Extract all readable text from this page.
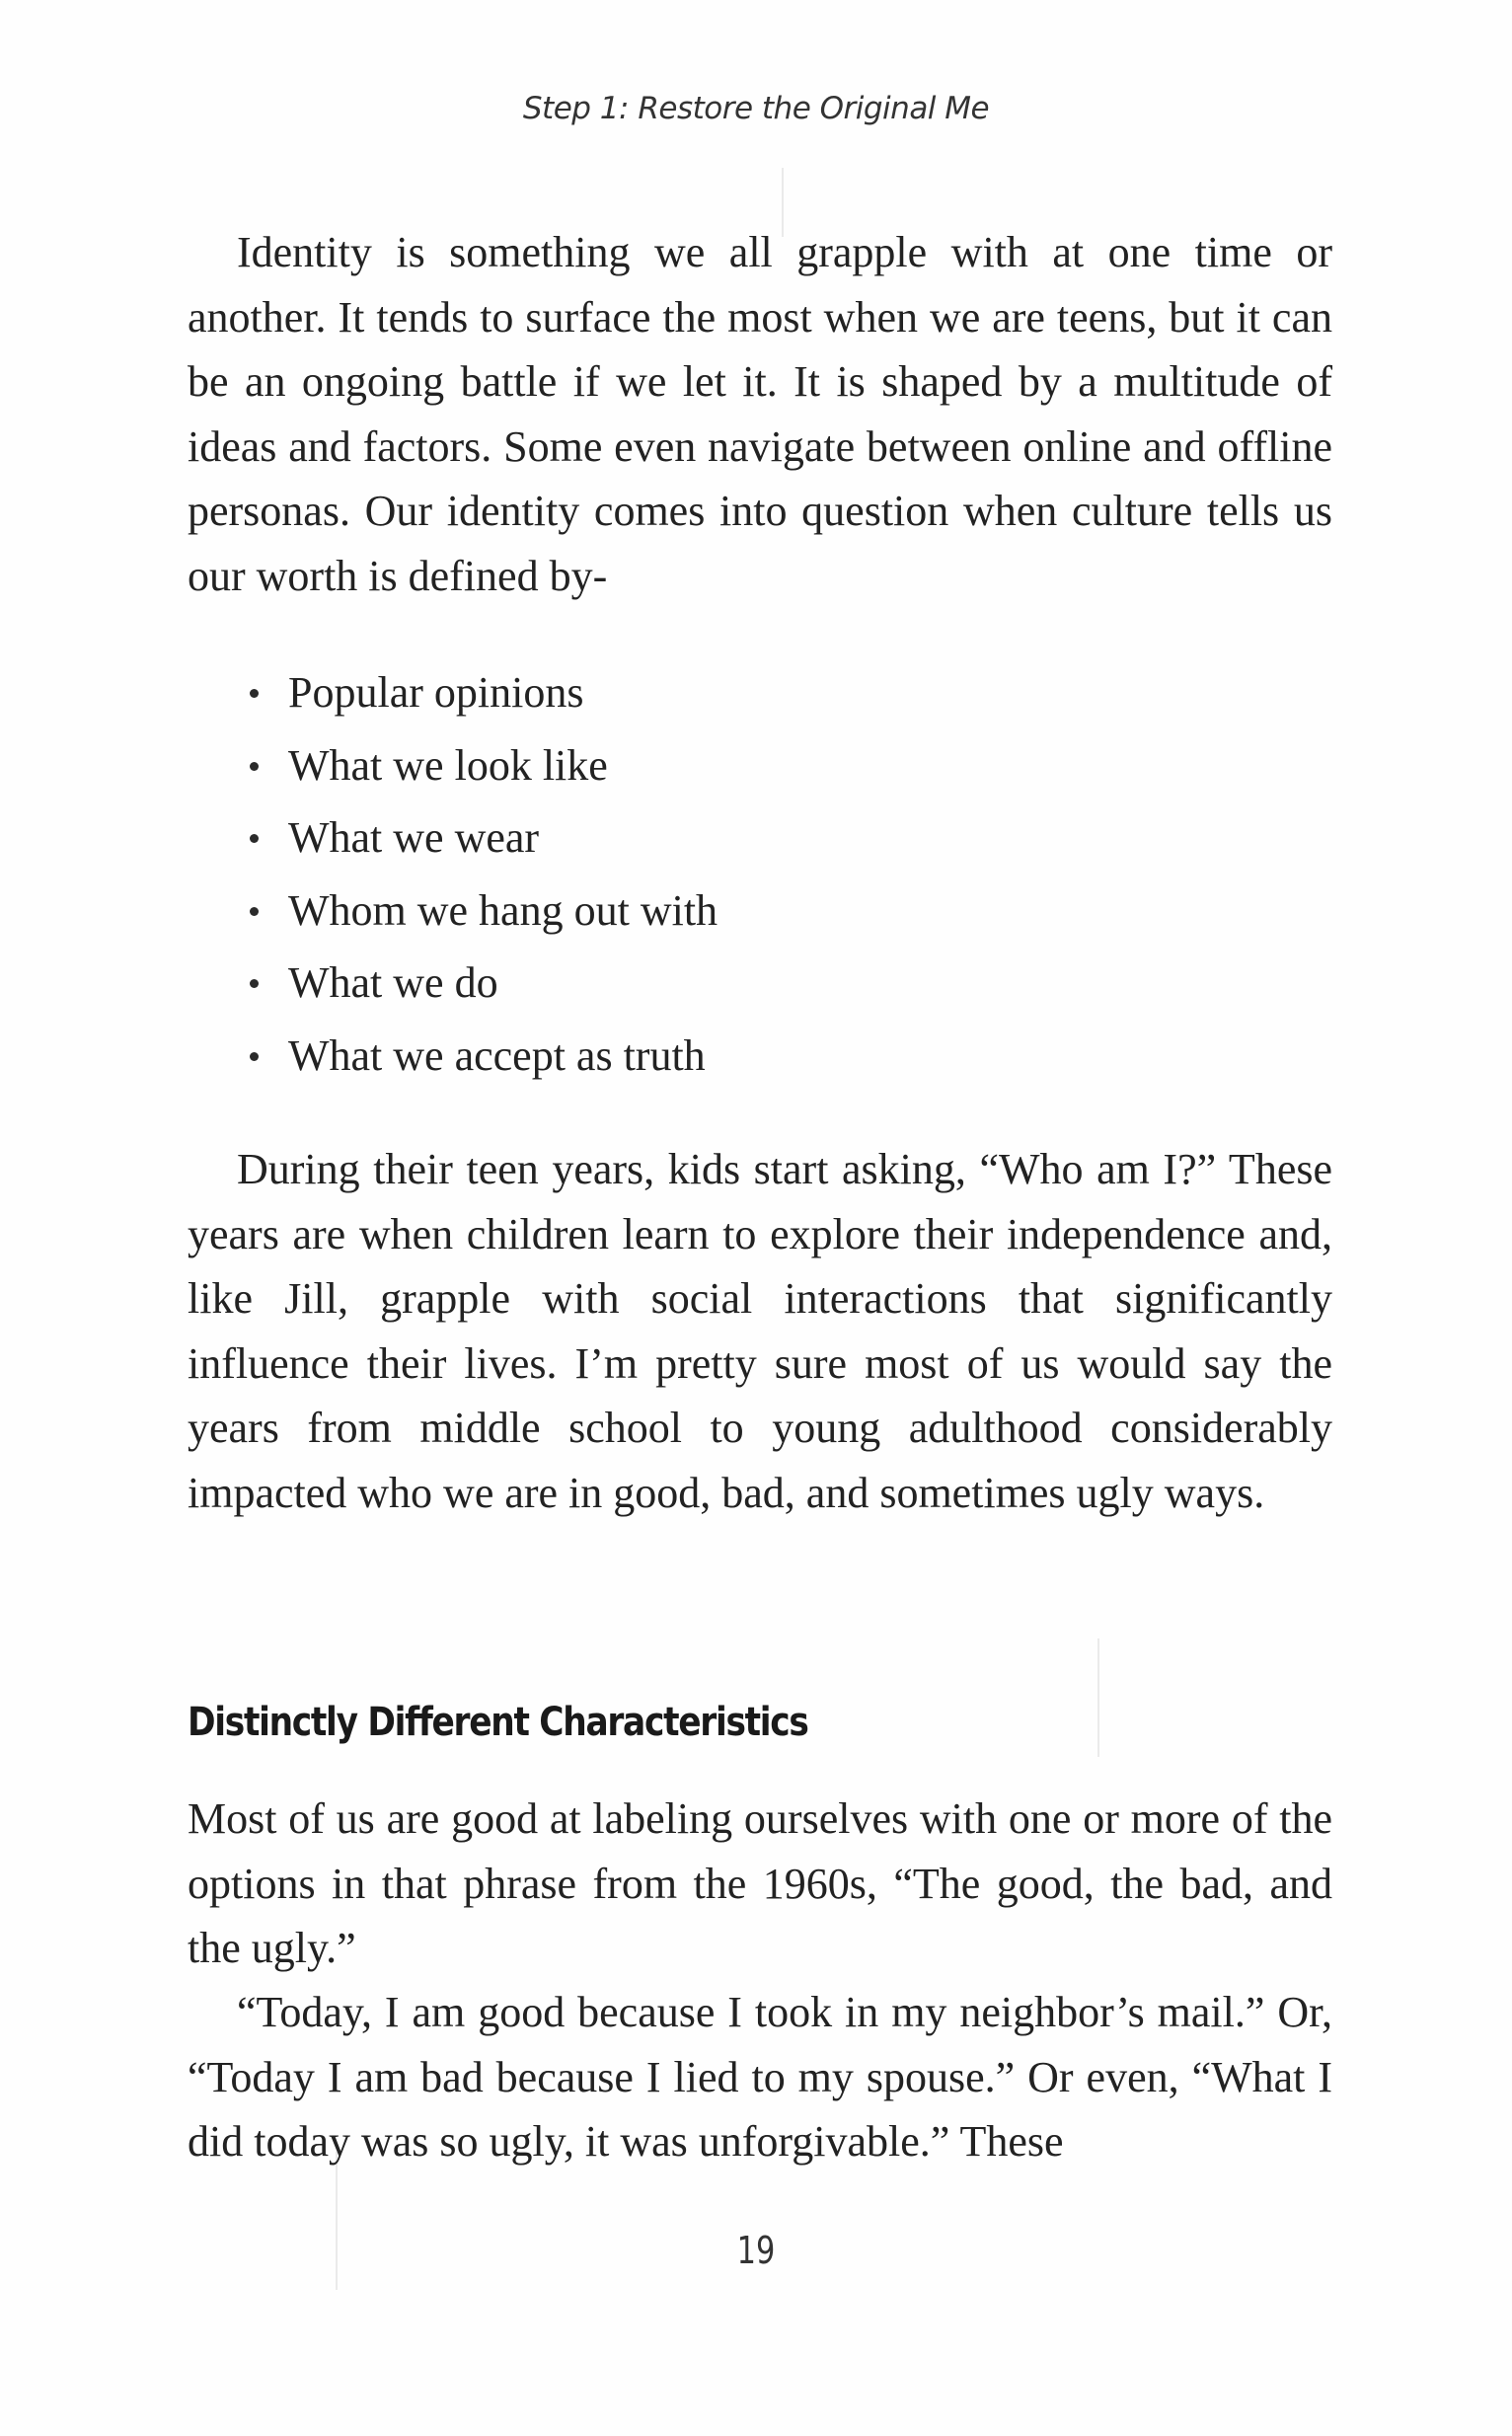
Step 1: Restore the Original Me

Identity is something we all grapple with at one time or another. It tends to surface the most when we are teens, but it can be an ongoing battle if we let it. It is shaped by a multitude of ideas and factors. Some even navigate between online and offline personas. Our identity comes into question when culture tells us our worth is defined by-

Popular opinions
What we look like
What we wear
Whom we hang out with
What we do
What we accept as truth

During their teen years, kids start asking, “Who am I?” These years are when children learn to explore their independence and, like Jill, grapple with social interactions that significantly influence their lives. I’m pretty sure most of us would say the years from middle school to young adulthood considerably impacted who we are in good, bad, and sometimes ugly ways.

Distinctly Different Characteristics

Most of us are good at labeling ourselves with one or more of the options in that phrase from the 1960s, “The good, the bad, and the ugly.”

“Today, I am good because I took in my neighbor’s mail.” Or, “Today I am bad because I lied to my spouse.” Or even, “What I did today was so ugly, it was unforgivable.” These

19
